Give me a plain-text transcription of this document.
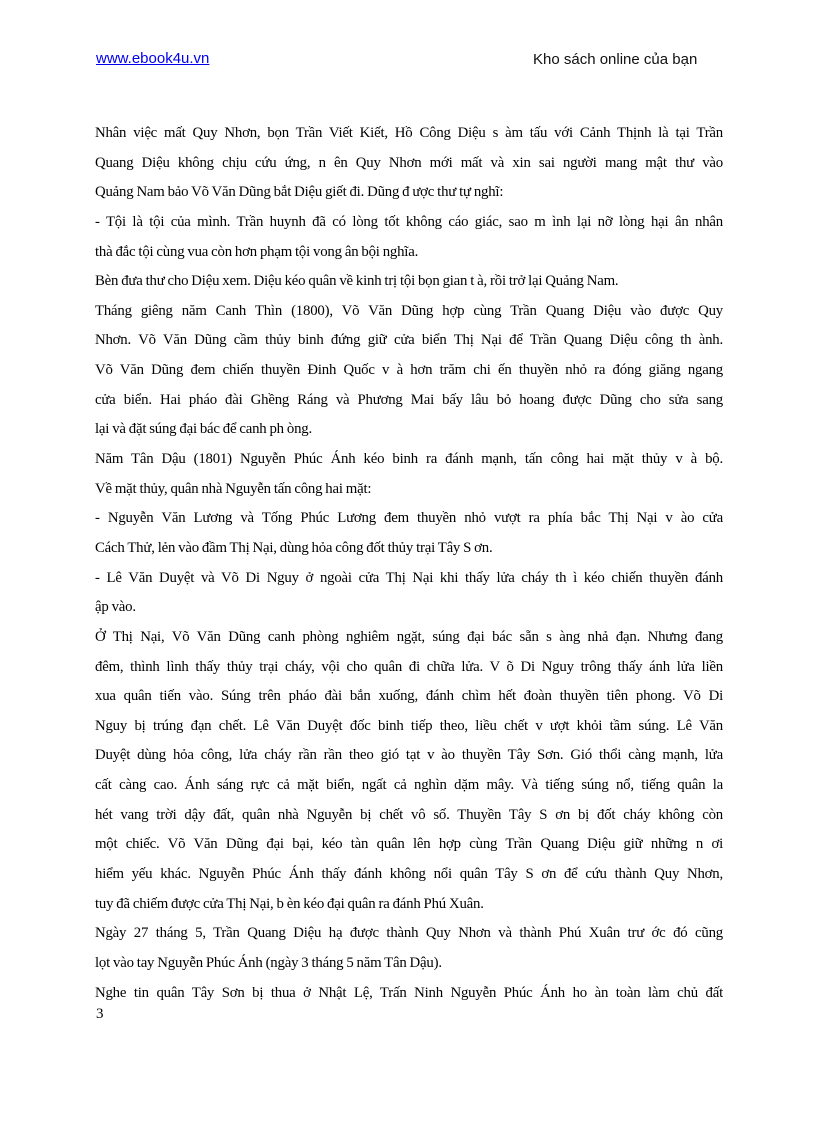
www.ebook4u.vn	Kho sách online của bạn
Nhân việc mất Quy Nhơn, bọn Trần Viết Kiết, Hồ Công Diệu s àm tấu với Cảnh Thịnh là tại Trần
Quang Diệu không chịu cứu ứng, n ên Quy Nhơn mới mất và xin sai người mang mật thư vào
Quảng Nam bảo Võ Văn Dũng bắt Diệu giết đi. Dũng đ ược thư tự nghĩ:
- Tội là tội của mình. Trần huynh đã có lòng tốt không cáo giác, sao m ình lại nỡ lòng hại ân nhân
thà đắc tội cùng vua còn hơn phạm tội vong ân bội nghĩa.
Bèn đưa thư cho Diệu xem. Diệu kéo quân về kinh trị tội bọn gian t à, rồi trở lại Quảng Nam.
Tháng giêng năm Canh Thìn (1800), Võ Văn Dũng hợp cùng Trần Quang Diệu vào được Quy
Nhơn. Võ Văn Dũng cầm thủy binh đứng giữ cửa biển Thị Nại để Trần Quang Diệu công th ành.
Võ Văn Dũng đem chiến thuyền Đinh Quốc v à hơn trăm chi ến thuyền nhỏ ra đóng giăng ngang
cửa biển. Hai pháo đài Ghềng Ráng và Phương Mai bấy lâu bỏ hoang được Dũng cho sửa sang
lại và đặt súng đại bác để canh ph òng.
Năm Tân Dậu (1801) Nguyễn Phúc Ánh kéo binh ra đánh mạnh, tấn công hai mặt thủy v à bộ.
Về mặt thủy, quân nhà Nguyễn tấn công hai mặt:
- Nguyễn Văn Lương và Tống Phúc Lương đem thuyền nhỏ vượt ra phía bắc Thị Nại v ào cửa
Cách Thử, lẻn vào đầm Thị Nại, dùng hỏa công đốt thủy trại Tây S ơn.
- Lê Văn Duyệt và Võ Di Nguy ở ngoài cửa Thị Nại khi thấy lửa cháy th ì kéo chiến thuyền đánh
ập vào.
Ở Thị Nại, Võ Văn Dũng canh phòng nghiêm ngặt, súng đại bác sẵn s àng nhả đạn. Nhưng đang
đêm, thình lình thấy thủy trại cháy, vội cho quân đi chữa lửa. V õ Di Nguy trông thấy ánh lửa liền
xua quân tiến vào. Súng trên pháo đài bắn xuống, đánh chìm hết đoàn thuyền tiên phong. Võ Di
Nguy bị trúng đạn chết. Lê Văn Duyệt đốc binh tiếp theo, liều chết v ượt khỏi tầm súng. Lê Văn
Duyệt dùng hỏa công, lửa cháy rần rần theo gió tạt v ào thuyền Tây Sơn. Gió thổi càng mạnh, lửa
cất càng cao. Ánh sáng rực cả mặt biển, ngất cả nghìn dặm mây. Và tiếng súng nổ, tiếng quân la
hét vang trời dậy đất, quân nhà Nguyễn bị chết vô số. Thuyền Tây S ơn bị đốt cháy không còn
một chiếc. Võ Văn Dũng đại bại, kéo tàn quân lên hợp cùng Trần Quang Diệu giữ những n ơi
hiểm yếu khác. Nguyễn Phúc Ánh thấy đánh không nổi quân Tây S ơn để cứu thành Quy Nhơn,
tuy đã chiếm được cửa Thị Nại, b èn kéo đại quân ra đánh Phú Xuân.
Ngày 27 tháng 5, Trần Quang Diệu hạ được thành Quy Nhơn và thành Phú Xuân trư ớc đó cũng
lọt vào tay Nguyễn Phúc Ánh (ngày 3 tháng 5 năm Tân Dậu).
Nghe tin quân Tây Sơn bị thua ở Nhật Lệ, Trấn Ninh Nguyễn Phúc Ánh ho àn toàn làm chủ đất
3
